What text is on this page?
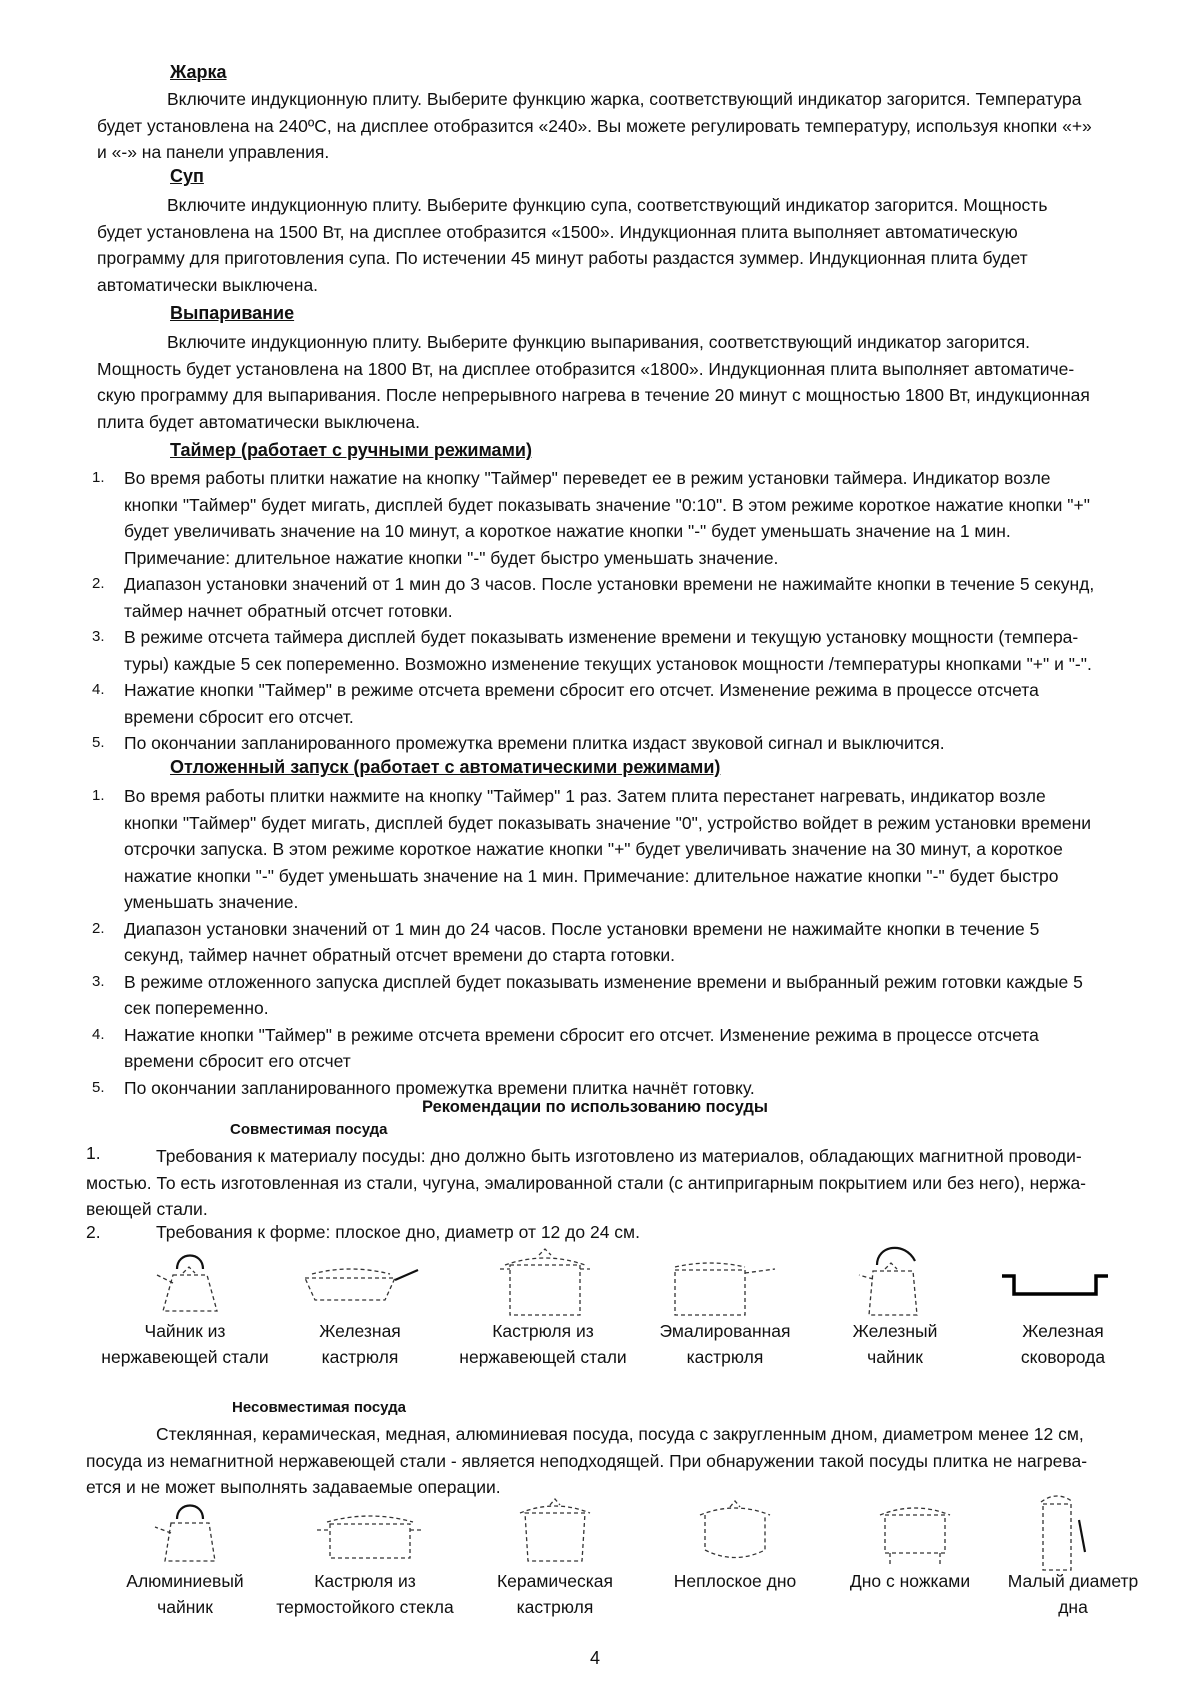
Жарка
Включите индукционную плиту. Выберите функцию жарка, соответствующий индикатор загорится. Температура будет установлена на 240ºС, на дисплее отобразится «240». Вы можете регулировать температуру, используя кнопки «+» и «-» на панели управления.
Суп
Включите индукционную плиту. Выберите функцию супа, соответствующий индикатор загорится. Мощность будет установлена на 1500 Вт, на дисплее отобразится «1500». Индукционная плита выполняет автоматическую программу для приготовления супа. По истечении 45 минут работы раздастся зуммер. Индукционная плита будет автоматически выключена.
Выпаривание
Включите индукционную плиту. Выберите функцию выпаривания, соответствующий индикатор загорится. Мощность будет установлена на 1800 Вт, на дисплее отобразится «1800». Индукционная плита выполняет автоматиче-скую программу для выпаривания. После непрерывного нагрева в течение 20 минут с мощностью 1800 Вт, индукционная плита будет автоматически выключена.
Таймер (работает с ручными режимами)
1. Во время работы плитки нажатие на кнопку "Таймер" переведет ее в режим установки таймера. Индикатор возле кнопки "Таймер" будет мигать, дисплей будет показывать значение "0:10". В этом режиме короткое нажатие кнопки "+" будет увеличивать значение на 10 минут, а короткое нажатие кнопки "-" будет уменьшать значение на 1 мин. Примечание: длительное нажатие кнопки "-" будет быстро уменьшать значение.
2. Диапазон установки значений от 1 мин до 3 часов. После установки времени не нажимайте кнопки в течение 5 секунд, таймер начнет обратный отсчет готовки.
3. В режиме отсчета таймера дисплей будет показывать изменение времени и текущую установку мощности (темпера-туры) каждые 5 сек попеременно. Возможно изменение текущих установок мощности /температуры кнопками "+" и "-".
4. Нажатие кнопки "Таймер" в режиме отсчета времени сбросит его отсчет. Изменение режима в процессе отсчета времени сбросит его отсчет.
5. По окончании запланированного промежутка времени плитка издаст звуковой сигнал и выключится.
Отложенный запуск (работает с автоматическими режимами)
1. Во время работы плитки нажмите на кнопку "Таймер" 1 раз. Затем плита перестанет нагревать, индикатор возле кнопки "Таймер" будет мигать, дисплей будет показывать значение "0", устройство войдет в режим установки времени отсрочки запуска. В этом режиме короткое нажатие кнопки "+" будет увеличивать значение на 30 минут, а короткое нажатие кнопки "-" будет уменьшать значение на 1 мин. Примечание: длительное нажатие кнопки "-" будет быстро уменьшать значение.
2. Диапазон установки значений от 1 мин до 24 часов. После установки времени не нажимайте кнопки в течение 5 секунд, таймер начнет обратный отсчет времени до старта готовки.
3. В режиме отложенного запуска дисплей будет показывать изменение времени и выбранный режим готовки каждые 5 сек попеременно.
4. Нажатие кнопки "Таймер" в режиме отсчета времени сбросит его отсчет. Изменение режима в процессе отсчета времени сбросит его отсчет
5. По окончании запланированного промежутка времени плитка начнёт готовку.
Рекомендации по использованию посуды
Совместимая посуда
1.	Требования к материалу посуды: дно должно быть изготовлено из материалов, обладающих магнитной проводи-мостью. То есть изготовленная из стали, чугуна, эмалированной стали (с антипригарным покрытием или без него), нержа-веющей стали.
2.	Требования к форме: плоское дно, диаметр от 12 до 24 см.
Чайник из
нержавеющей стали
Железная
кастрюля
Кастрюля из
нержавеющей стали
Эмалированная
кастрюля
Железный
чайник
Железная
сковорода
Несовместимая посуда
Стеклянная, керамическая, медная, алюминиевая посуда, посуда с закругленным дном, диаметром менее 12 см, посуда из немагнитной нержавеющей стали - является неподходящей. При обнаружении такой посуды плитка не нагрева-ется и не может выполнять задаваемые операции.
Алюминиевый
чайник
Кастрюля из
термостойкого стекла
Керамическая
кастрюля
Неплоское дно	Дно с ножками	Малый диаметр
дна
4
